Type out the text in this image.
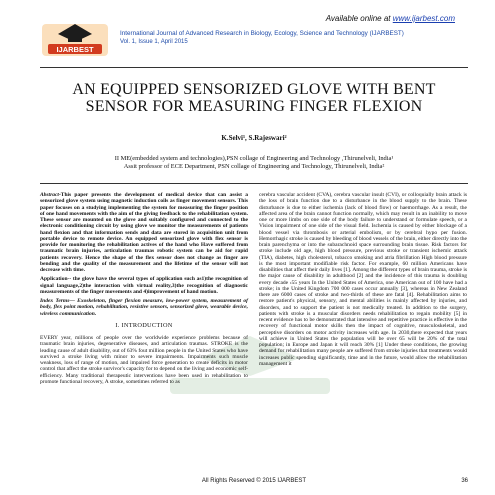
Available online at www.ijarbest.com
IJARBEST
International Journal of Advanced Research in Biology, Ecology, Science and Technology (IJARBEST)
Vol. 1, Issue 1, April 2015
AN EQUIPPED SENSORIZED GLOVE WITH BENT SENSOR FOR MEASURING FINGER FLEXION
K.Selvi¹, S.Rajeswari²
II ME(embedded system and technologies),PSN collage of Engineering and Technology ,Thirunelveli, India¹
Assit professor of ECE Department, PSN collage of Engineering and Technology, Thirunelveli, India²

Abstract-This paper presents the development of medical device that can assist a sensorized glove system using magnetic induction coils as finger movement sensors. This paper focuses on a studying implementing the system for measuring the finger position of one hand movements with the aim of the giving feedback to the rehabilitation system. These sensor are mounted on the glove and suitably configured and connected to the electronic conditioning circuit by using glove we monitor the measurements of patients hand flexion and that information sends and data are stored in acquisition unit from portable device to remote device. An equipped sensorized glove with flex sensor is provide for monitoring the rehabilitation actives of the hand who Have suffered from traumatic brain injuries, articulation traumas robotic system can be aid for rapid patients recovery. Hence the shape of the flex sensor does not change as finger are bending and the quality of the measurement and the lifetime of the sensor will not decrease with time.

Application-- the glove have the several types of application such as1)the recognition of signal language,2)the interaction with virtual reality,3)the recognition of diagnostic measurements of the finger movements and 4)improvement of hand motion.

Index Terms— Exoskeleton, finger flexion measure, low-power system, measurement of body, flex point motion, rehabilitation, resistive sensors, sensorized glove, wearable device, wireless communication.

I. INTRODUCTION

EVERY year, millions of people over the worldwide experience problems because of traumatic brain injuries, degenerative diseases, and articulation traumas. STROKE is the leading cause of adult disability, out of 63% fout million people in the United States who have survived a stroke living with minor to severe impairments. Impairments such muscle weakness, loss of range of motion, and impaired force generation to create deficits in motor control that affect the stroke survivor's capacity for to depend on the living and economic self-efficiency. Many traditional therapeutic interventions have been used in rehabilitation to promote functional recovery, A stroke, sometimes referred to as

cerebra vascular accident (CVA), cerebra vascular insult (CVI), or colloquially brain attack is the loss of brain function due to a disturbance in the blood supply to the brain. These disturbance is due to either ischemia (lack of blood flow) or haemorrhage. As a result, the affected area of the brain cannot function normally, which may result in an inability to move one or more limbs on one side of the body failure to understand or formulate speech, or a Vision impairment of one side of the visual field. Ischemia is caused by either blockage of a blood vessel via thrombosis or arterial embolism, or by cerebral hypo per fusion. Hemorrhagic stroke is caused by bleeding of blood vessels of the brain, either directly into the brain parenchyma or into the subarachnoid space surrounding brain tissue. Risk factors for stroke include old age, high blood pressure, previous stroke or transient ischemic attack (TIA), diabetes, high cholesterol, tobacco smoking and atria fibrillation High blood pressure is the most important modifiable risk factor. For example, 60 million Americans have disabilities that affect their daily lives [1]. Among the different types of brain trauma, stroke is the major cause of disability in adulthood [2] and the incidence of this trauma is doubling every decade ›55 years In the United States of America, one American out of 100 have had a stroke; in the United Kingdom 700 000 cases occur annually [3], whereas in New Zealand there are 6000 cases of stroke and two-thirds of these are fatal [4]. Rehabilitation aims to restore patient's physical, sensory, and mental abilities is mainly affected by injuries, and disorders, and to support the patient is not medically treated. In addition to the surgery, patients with stroke is a muscular disorders needs rehabilitation to regain mobility [5] in recent evidence has to be demonstrated that intensive and repetitive practice is effective in the recovery of functional motor skills then the impact of cognitive, musculoskeletal, and perceptive disorders on motor activity increases with age. In 2030,there expected that years will achieve in United States the population will be over 65 will be 20% of the total population; in Europe and Japan it will reach 30% [1] Under these conditions, the growing demand for rehabilitation many people are suffered from stroke injuries that treatments would increases public spending significantly, time and in the future, would allow the rehabilitation management it

All Rights Reserved © 2015 IJARBEST	36
